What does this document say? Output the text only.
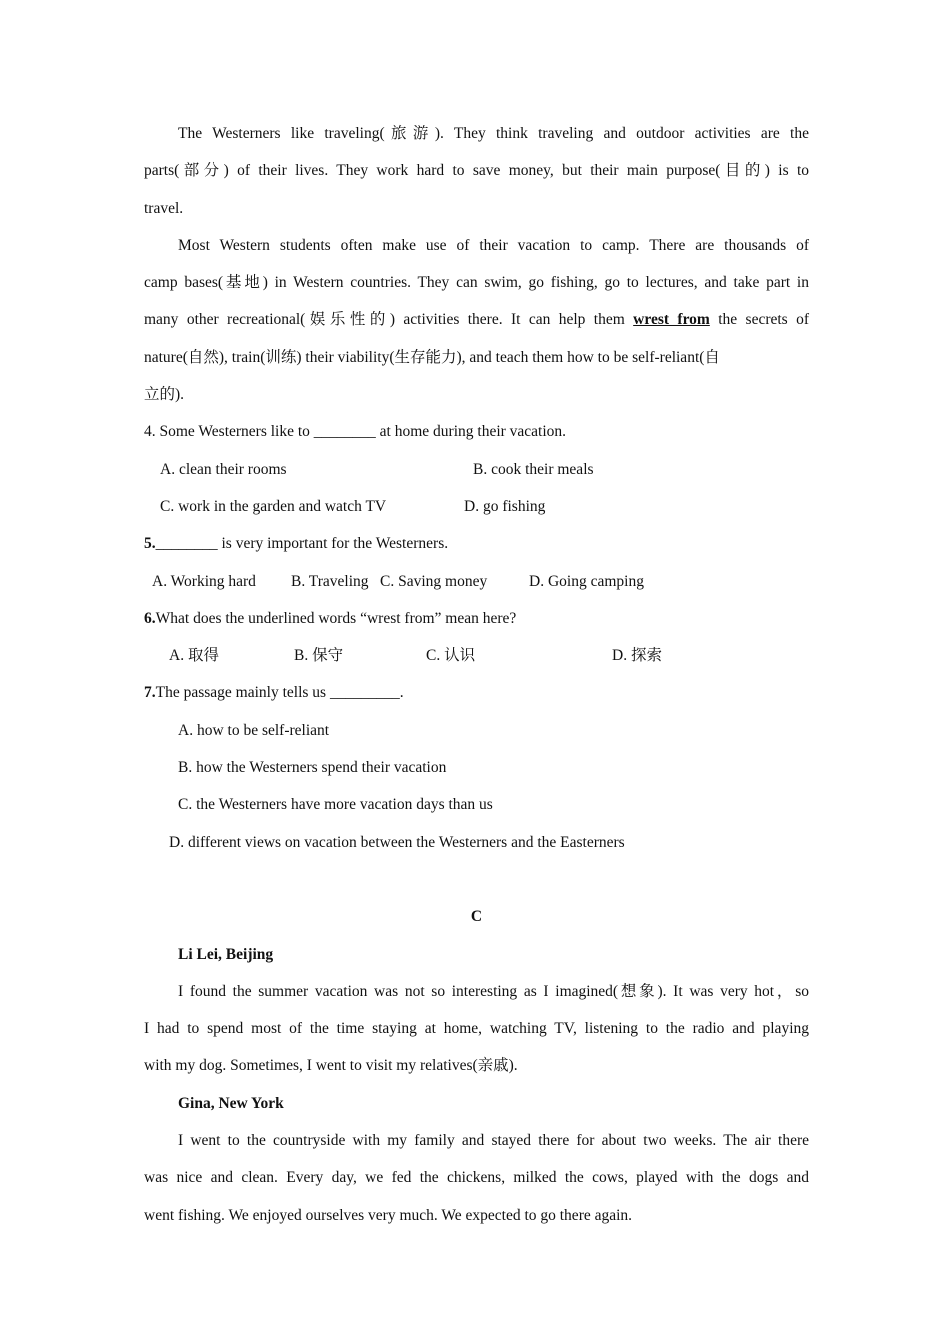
The Westerners like traveling(旅游). They think traveling and outdoor activities are the

parts(部分) of their lives. They work hard to save money, but their main purpose(目的) is to

travel.

Most Western students often make use of their vacation to camp. There are thousands of

camp bases(基地) in Western countries. They can swim, go fishing, go to lectures, and take part in

many other recreational(娱乐性的) activities there. It can help them wrest from the secrets of

nature(自然), train(训练) their viability(生存能力), and teach them how to be self-reliant(自

立的).

4. Some Westerners like to ________ at home during their vacation.
A. clean their rooms	B. cook their meals
C. work in the garden and watch TV	D. go fishing
5.________ is very important for the Westerners.
A. Working hard B. Traveling C. Saving money	D. Going camping
6.What does the underlined words “wrest from” mean here?
A. 取得	B. 保守	C. 认识	D. 探索
7.The passage mainly tells us _________.
A. how to be self-reliant
B. how the Westerners spend their vacation
C. the Westerners have more vacation days than us
D. different views on vacation between the Westerners and the Easterners
C
Li Lei, Beijing

I found the summer vacation was not so interesting as I imagined(想象). It was very hot，so

I had to spend most of the time staying at home, watching TV, listening to the radio and playing

with my dog. Sometimes, I went to visit my relatives(亲戚).

Gina, New York

I went to the countryside with my family and stayed there for about two weeks. The air there

was nice and clean. Every day, we fed the chickens, milked the cows, played with the dogs and

went fishing. We enjoyed ourselves very much. We expected to go there again.
